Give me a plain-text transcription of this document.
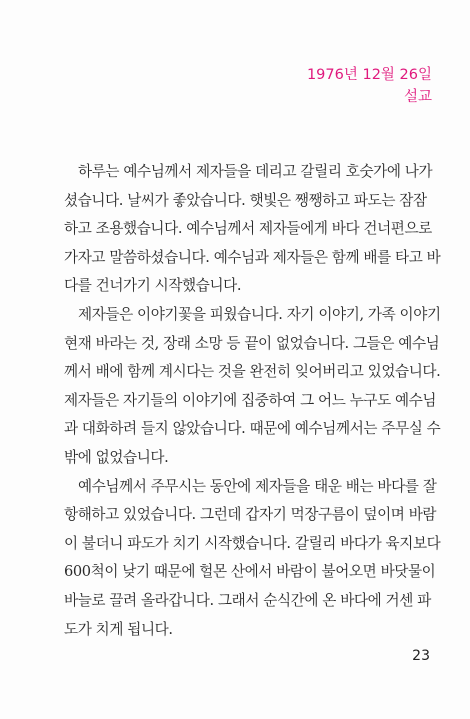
1976년 12월 26일
설교

하루는 예수님께서 제자들을 데리고 갈릴리 호숫가에 나가
셨습니다. 날씨가 좋았습니다. 햇빛은 쨍쨍하고 파도는 잠잠
하고 조용했습니다. 예수님께서 제자들에게 바다 건너편으로
가자고 말씀하셨습니다. 예수님과 제자들은 함께 배를 타고 바
다를 건너가기 시작했습니다.

제자들은 이야기꽃을 피웠습니다. 자기 이야기, 가족 이야기
현재 바라는 것, 장래 소망 등 끝이 없었습니다. 그들은 예수님
께서 배에 함께 계시다는 것을 완전히 잊어버리고 있었습니다.
제자들은 자기들의 이야기에 집중하여 그 어느 누구도 예수님
과 대화하려 들지 않았습니다. 때문에 예수님께서는 주무실 수
밖에 없었습니다.

예수님께서 주무시는 동안에 제자들을 태운 배는 바다를 잘
항해하고 있었습니다. 그런데 갑자기 먹장구름이 덮이며 바람
이 불더니 파도가 치기 시작했습니다. 갈릴리 바다가 육지보다
600척이 낮기 때문에 헐몬 산에서 바람이 불어오면 바닷물이
바늘로 끌려 올라갑니다. 그래서 순식간에 온 바다에 거센 파
도가 치게 됩니다.

23
